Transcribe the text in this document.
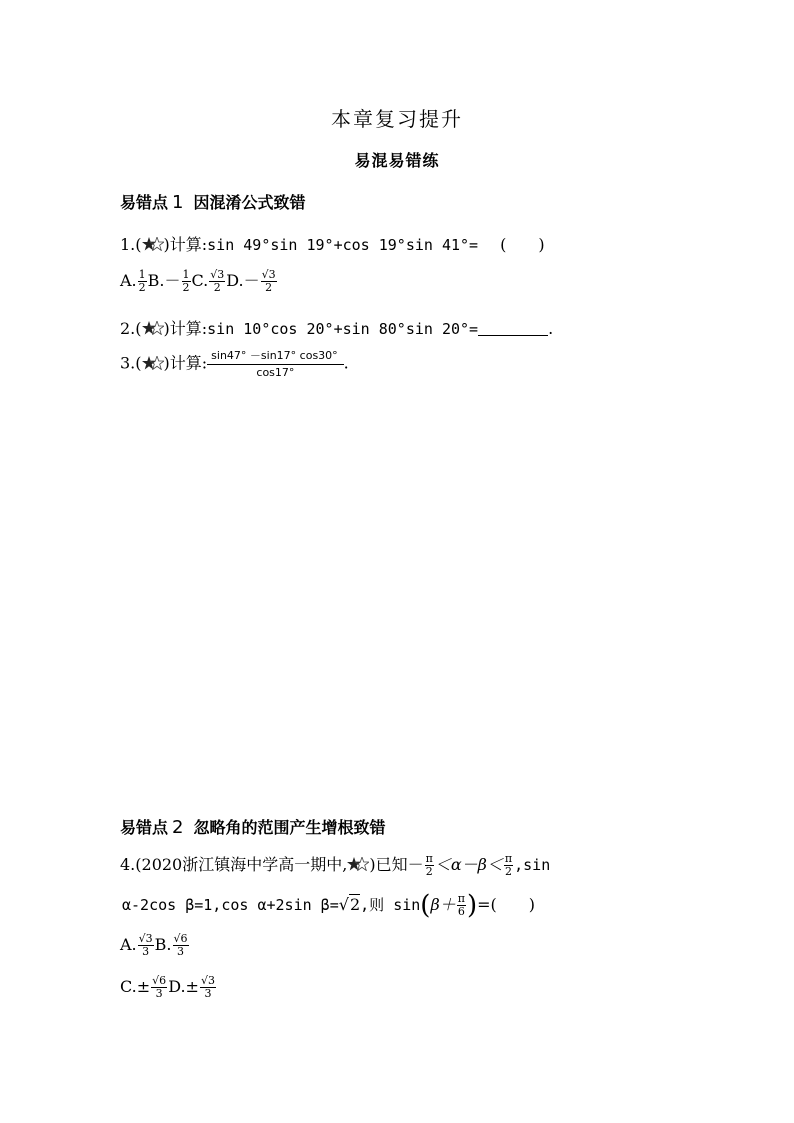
本章复习提升
易混易错练
易错点 1 因混淆公式致错
1.( )计算:sin 49°sin 19°+cos 19°sin 41°= (　　)
A. $\frac{1}{2} B.- \frac{1}{2} C$. $\frac{√3}{2} D.- \frac{√3}{2}$
2.( )计算:sin 10°cos 20°+sin 80°sin 20°=	.
3.( )计算: $\frac{\sin 47^\circ -\sin 17^\circ \cos 30^\circ}{\cos 17^\circ}$ .
易错点 2 忽略角的范围产生增根致错
4.(2020浙江镇海中学高一期中, )已知－ $\frac{\pi}{2} <\alpha-\beta< \frac{\pi}{2} ,\sin$
α-2cos β=1,cos α+2sin β=√2,则 $\sin(\beta+ \frac{\pi}{6}$ )=(　　)
A. $\frac{√3}{3} B$. $\frac{√6}{3}$
$C.\pm \frac{√6}{3} D.\pm \frac{√3}{3}$
